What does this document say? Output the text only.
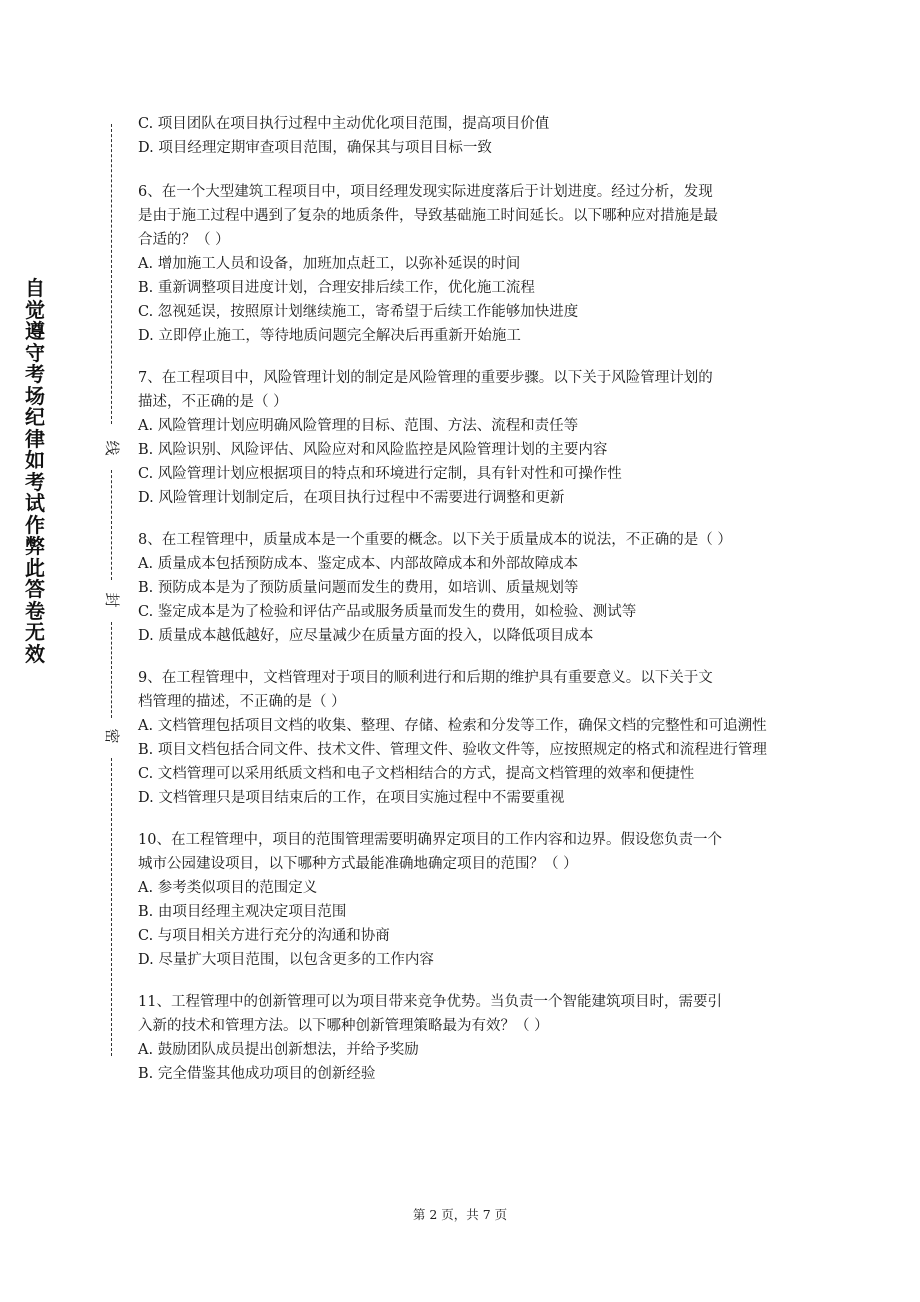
自觉遵守考场纪律如考试作弊此答卷无效
线
封
密
C. 项目团队在项目执行过程中主动优化项目范围，提高项目价值
D. 项目经理定期审查项目范围，确保其与项目目标一致
6、在一个大型建筑工程项目中，项目经理发现实际进度落后于计划进度。经过分析，发现
是由于施工过程中遇到了复杂的地质条件，导致基础施工时间延长。以下哪种应对措施是最
合适的？（ ）
A. 增加施工人员和设备，加班加点赶工，以弥补延误的时间
B. 重新调整项目进度计划，合理安排后续工作，优化施工流程
C. 忽视延误，按照原计划继续施工，寄希望于后续工作能够加快进度
D. 立即停止施工，等待地质问题完全解决后再重新开始施工
7、在工程项目中，风险管理计划的制定是风险管理的重要步骤。以下关于风险管理计划的
描述，不正确的是（ ）
A. 风险管理计划应明确风险管理的目标、范围、方法、流程和责任等
B. 风险识别、风险评估、风险应对和风险监控是风险管理计划的主要内容
C. 风险管理计划应根据项目的特点和环境进行定制，具有针对性和可操作性
D. 风险管理计划制定后，在项目执行过程中不需要进行调整和更新
8、在工程管理中，质量成本是一个重要的概念。以下关于质量成本的说法，不正确的是（ ）
A. 质量成本包括预防成本、鉴定成本、内部故障成本和外部故障成本
B. 预防成本是为了预防质量问题而发生的费用，如培训、质量规划等
C. 鉴定成本是为了检验和评估产品或服务质量而发生的费用，如检验、测试等
D. 质量成本越低越好，应尽量减少在质量方面的投入，以降低项目成本
9、在工程管理中，文档管理对于项目的顺利进行和后期的维护具有重要意义。以下关于文
档管理的描述，不正确的是（ ）
A. 文档管理包括项目文档的收集、整理、存储、检索和分发等工作，确保文档的完整性和可追溯性
B. 项目文档包括合同文件、技术文件、管理文件、验收文件等，应按照规定的格式和流程进行管理
C. 文档管理可以采用纸质文档和电子文档相结合的方式，提高文档管理的效率和便捷性
D. 文档管理只是项目结束后的工作，在项目实施过程中不需要重视
10、在工程管理中，项目的范围管理需要明确界定项目的工作内容和边界。假设您负责一个
城市公园建设项目，以下哪种方式最能准确地确定项目的范围？（ ）
A. 参考类似项目的范围定义
B. 由项目经理主观决定项目范围
C. 与项目相关方进行充分的沟通和协商
D. 尽量扩大项目范围，以包含更多的工作内容
11、工程管理中的创新管理可以为项目带来竞争优势。当负责一个智能建筑项目时，需要引
入新的技术和管理方法。以下哪种创新管理策略最为有效？（ ）
A. 鼓励团队成员提出创新想法，并给予奖励
B. 完全借鉴其他成功项目的创新经验
第 2 页，共 7 页
